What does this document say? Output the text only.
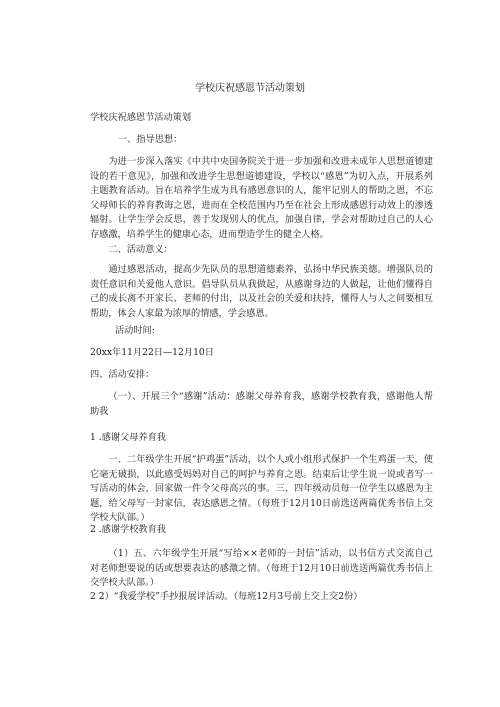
学校庆祝感恩节活动策划

学校庆祝感恩节活动策划

一、指导思想：

为进一步深入落实《中共中央国务院关于进一步加强和改进未成年人思想道德建设的若干意见》，加强和改进学生思想道德建设，学校以“感恩”为切入点，开展系列主题教育活动。旨在培养学生成为具有感恩意识的人，能牢记别人的帮助之恩，不忘父母师长的养育教诲之恩，进而在全校范围内乃至在社会上形成感恩行动效上的渗透辐射。让学生学会反思，善于发现别人的优点，加强自律，学会对帮助过自己的人心存感激，培养学生的健康心态，进而塑造学生的健全人格。

二、活动意义：

通过感恩活动，提高少先队员的思想道德素养，弘扬中华民族美德。增强队员的责任意识和关爱他人意识。倡导队员从我做起，从感谢身边的人做起，让他们懂得自己的成长离不开家长、老师的付出，以及社会的关爱和扶持，懂得人与人之间要相互帮助，体会人家最为浓厚的情感，学会感恩。

活动时间:

20xx年11月22日—12月10日

四、活动安排：

（一）、开展三个“感谢”活动：感谢父母养育我，感谢学校教育我，感谢他人帮助我

1 .感谢父母养育我

一、二年级学生开展“护鸡蛋”活动，以个人或小组形式保护一个生鸡蛋一天，使它毫无破损，以此感受妈妈对自己的呵护与养育之恩。结束后让学生说一说或者写一写活动的体会，回家做一件令父母高兴的事。三、四年级动员每一位学生以感恩为主题，给父母写一封家信，表达感恩之情。（每班于12月10日前选送两篇优秀书信上交学校大队部。）

2 .感谢学校教育我

（1）五、六年级学生开展“写给××老师的一封信”活动，以书信方式交流自己对老师想要说的话或想要表达的感激之情。（每班于12月10日前选送两篇优秀书信上交学校大队部。）

2 2）“我爱学校”手抄报展评活动。（每班12月3号前上交上交2份）
